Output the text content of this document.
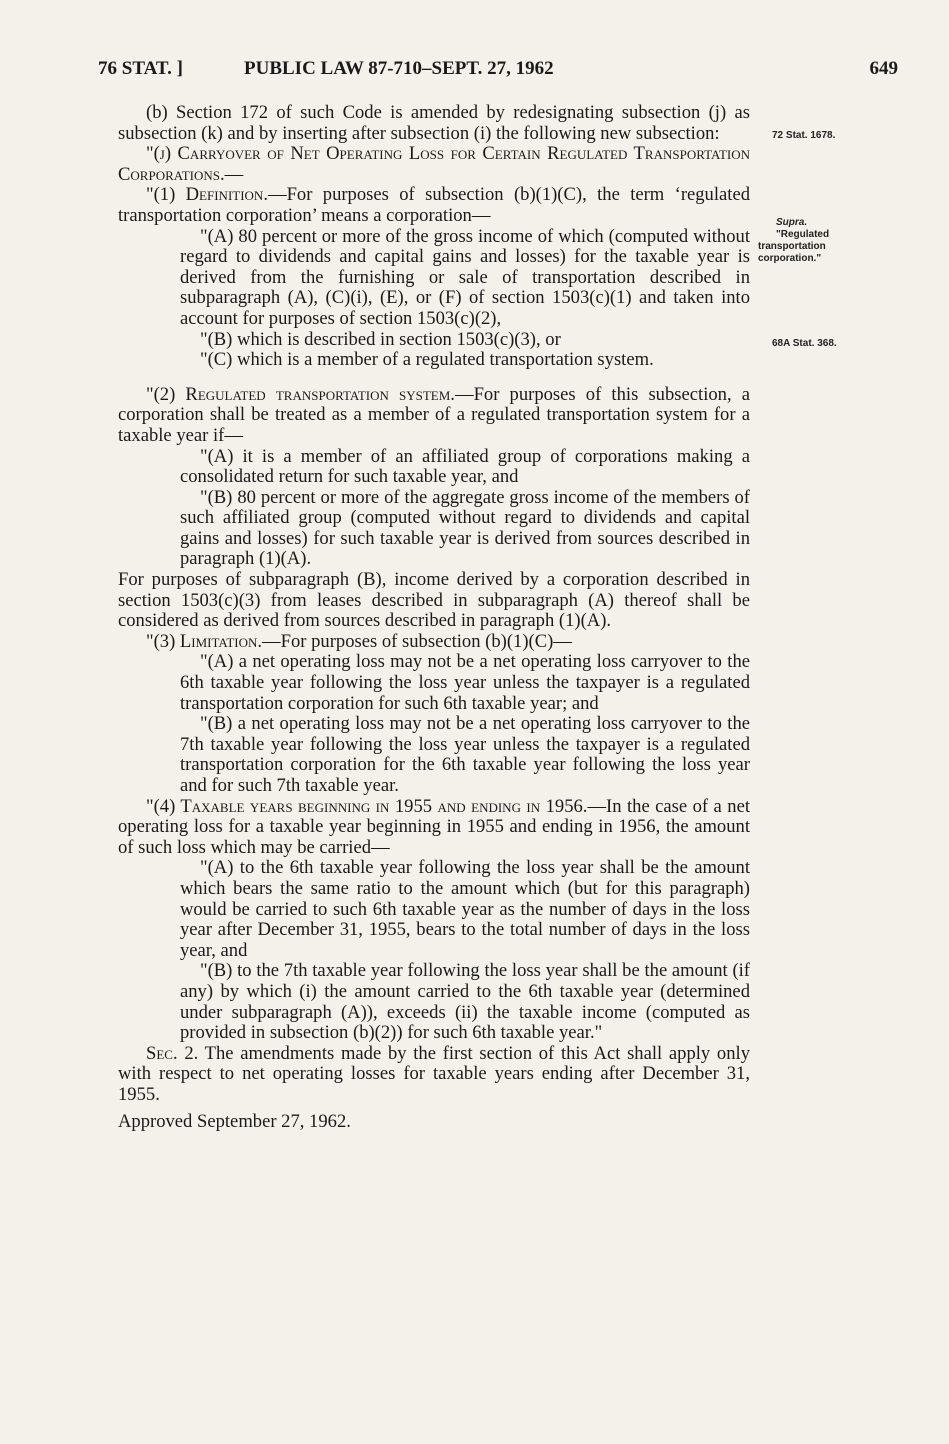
76 STAT. ]	PUBLIC LAW 87-710–SEPT. 27, 1962	649
72 Stat. 1678.
Supra.
"Regulated
transportation
corporation."
68A Stat. 368.

(b) Section 172 of such Code is amended by redesignating subsection (j) as subsection (k) and by inserting after subsection (i) the following new subsection:

"(j) Carryover of Net Operating Loss for Certain Regulated Transportation Corporations.—

"(1) Definition.—For purposes of subsection (b)(1)(C), the term ‘regulated transportation corporation’ means a corporation—

"(A) 80 percent or more of the gross income of which (computed without regard to dividends and capital gains and losses) for the taxable year is derived from the furnishing or sale of transportation described in subparagraph (A), (C)(i), (E), or (F) of section 1503(c)(1) and taken into account for purposes of section 1503(c)(2),

"(B) which is described in section 1503(c)(3), or

"(C) which is a member of a regulated transportation system.

"(2) Regulated transportation system.—For purposes of this subsection, a corporation shall be treated as a member of a regulated transportation system for a taxable year if—

"(A) it is a member of an affiliated group of corporations making a consolidated return for such taxable year, and

"(B) 80 percent or more of the aggregate gross income of the members of such affiliated group (computed without regard to dividends and capital gains and losses) for such taxable year is derived from sources described in paragraph (1)(A).

For purposes of subparagraph (B), income derived by a corporation described in section 1503(c)(3) from leases described in subparagraph (A) thereof shall be considered as derived from sources described in paragraph (1)(A).

"(3) Limitation.—For purposes of subsection (b)(1)(C)—

"(A) a net operating loss may not be a net operating loss carryover to the 6th taxable year following the loss year unless the taxpayer is a regulated transportation corporation for such 6th taxable year; and

"(B) a net operating loss may not be a net operating loss carryover to the 7th taxable year following the loss year unless the taxpayer is a regulated transportation corporation for the 6th taxable year following the loss year and for such 7th taxable year.

"(4) Taxable years beginning in 1955 and ending in 1956.—In the case of a net operating loss for a taxable year beginning in 1955 and ending in 1956, the amount of such loss which may be carried—

"(A) to the 6th taxable year following the loss year shall be the amount which bears the same ratio to the amount which (but for this paragraph) would be carried to such 6th taxable year as the number of days in the loss year after December 31, 1955, bears to the total number of days in the loss year, and

"(B) to the 7th taxable year following the loss year shall be the amount (if any) by which (i) the amount carried to the 6th taxable year (determined under subparagraph (A)), exceeds (ii) the taxable income (computed as provided in subsection (b)(2)) for such 6th taxable year."

Sec. 2. The amendments made by the first section of this Act shall apply only with respect to net operating losses for taxable years ending after December 31, 1955.

Approved September 27, 1962.
